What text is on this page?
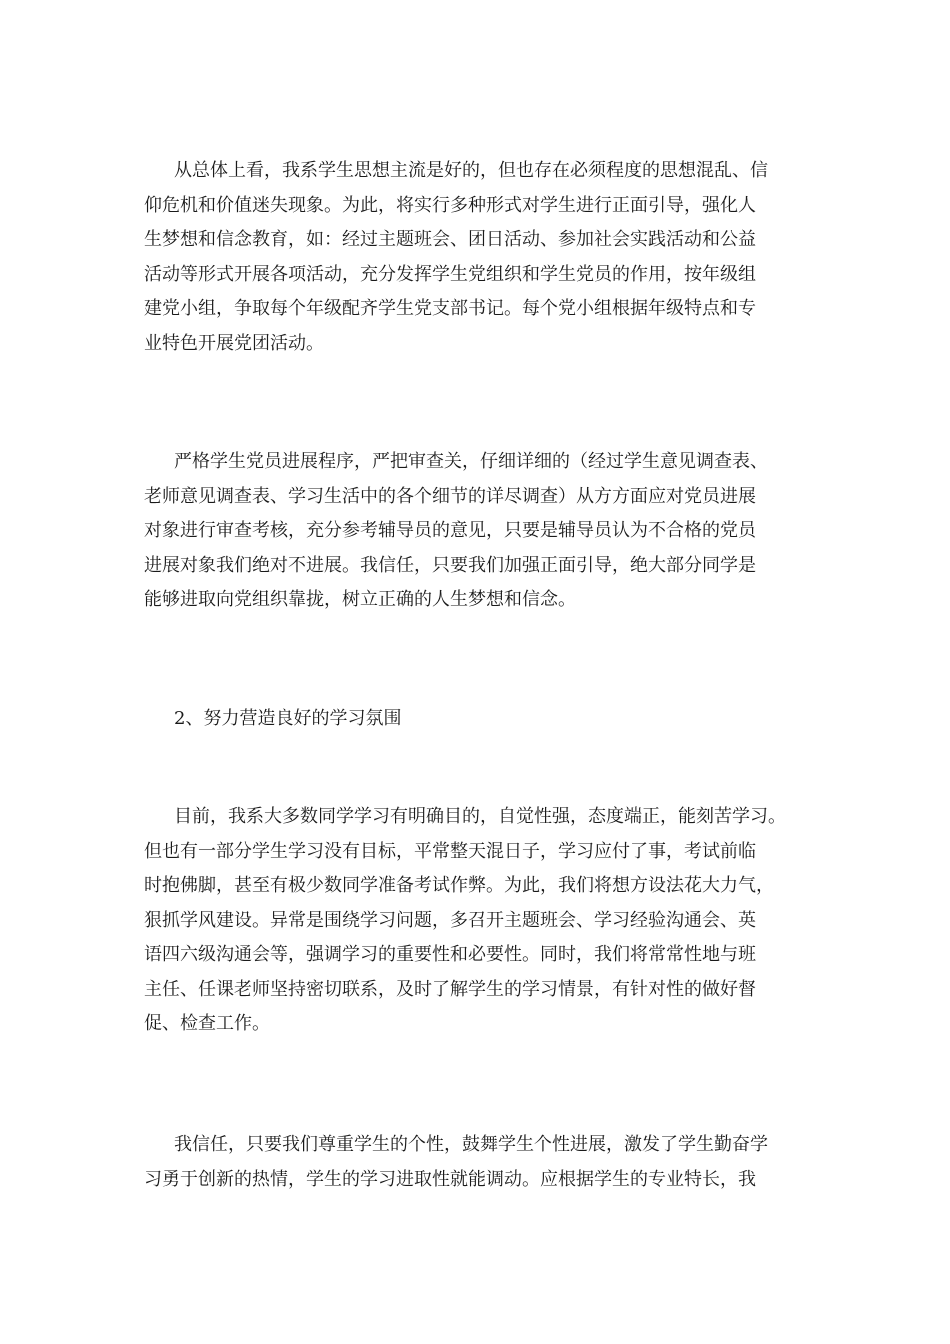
从总体上看，我系学生思想主流是好的，但也存在必须程度的思想混乱、信
仰危机和价值迷失现象。为此，将实行多种形式对学生进行正面引导，强化人
生梦想和信念教育，如：经过主题班会、团日活动、参加社会实践活动和公益
活动等形式开展各项活动，充分发挥学生党组织和学生党员的作用，按年级组
建党小组，争取每个年级配齐学生党支部书记。每个党小组根据年级特点和专
业特色开展党团活动。
严格学生党员进展程序，严把审查关，仔细详细的（经过学生意见调查表、
老师意见调查表、学习生活中的各个细节的详尽调查）从方方面应对党员进展
对象进行审查考核，充分参考辅导员的意见，只要是辅导员认为不合格的党员
进展对象我们绝对不进展。我信任，只要我们加强正面引导，绝大部分同学是
能够进取向党组织靠拢，树立正确的人生梦想和信念。
2、努力营造良好的学习氛围
目前，我系大多数同学学习有明确目的，自觉性强，态度端正，能刻苦学习。
但也有一部分学生学习没有目标，平常整天混日子，学习应付了事，考试前临
时抱佛脚，甚至有极少数同学准备考试作弊。为此，我们将想方设法花大力气，
狠抓学风建设。异常是围绕学习问题，多召开主题班会、学习经验沟通会、英
语四六级沟通会等，强调学习的重要性和必要性。同时，我们将常常性地与班
主任、任课老师坚持密切联系，及时了解学生的学习情景，有针对性的做好督
促、检查工作。
我信任，只要我们尊重学生的个性，鼓舞学生个性进展，激发了学生勤奋学
习勇于创新的热情，学生的学习进取性就能调动。应根据学生的专业特长，我
